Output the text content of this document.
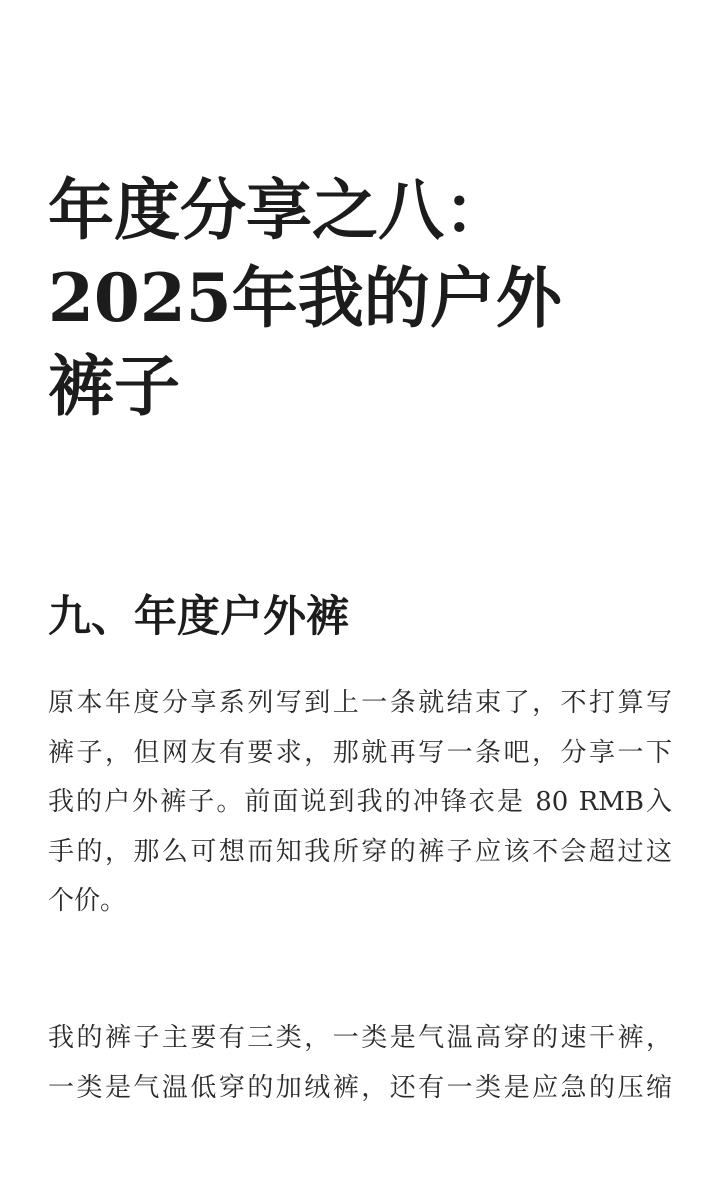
年度分享之八：
2025年我的户外
裤子
九、年度户外裤

原本年度分享系列写到上一条就结束了，不打算写
裤子，但网友有要求，那就再写一条吧，分享一下
我的户外裤子。前面说到我的冲锋衣是 80 RMB入
手的，那么可想而知我所穿的裤子应该不会超过这
个价。

我的裤子主要有三类，一类是气温高穿的速干裤，
一类是气温低穿的加绒裤，还有一类是应急的压缩
